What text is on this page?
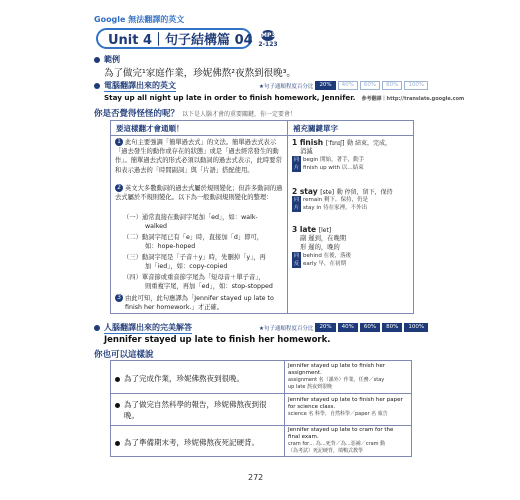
Google 無法翻譯的英文
Unit 4｜句子結構篇 04 MP3
2-123
範例
為了做完¹家庭作業，珍妮佛熬²夜熬到很晚³。
電腦翻譯出來的英文	★句子通順程度百分比	20%	40%	60%	80%	100%
Stay up all night up late in order to finish homework, Jennifer. 參考翻譯｜http://translate.google.com
你是否覺得怪怪的呢？ 以下是人腦才會的重要關鍵，你一定要會！
要這樣翻才會通順！	補充關鍵單字
1 此句主要強調「簡單過去式」的文法。簡單過去式表示「過去發生的動作或存在的狀態」或是「過去經常發生的動作」。簡單過去式的形式必須以動詞的過去式表示，此時要常和表示過去的「時間副詞」與「片語」搭配使用。
2 英文大多數動詞的過去式屬於規則變化；但許多動詞的過去式屬於不規則變化。以下為一般動詞規則變化的整理：
（一）通常直接在動詞字尾加「ed」，如：walk-
walked
（二）動詞字尾已有「e」時，直接加「d」即可，
如：hope-hoped
（三）動詞字尾是「子音＋y」時，先刪掉「y」，再
加「ied」，如：copy-copied
（四）單音節或重音節字尾為「短母音＋單子音」，
則重複字尾，再加「ed」，如：stop-stopped
3 由此可知，此句應譯為「Jennifer stayed up late to
finish her homework.」才正確。
1 finish [ˈfɪnɪʃ] 動 結束，完成，
消滅
同 begin 開始，著手，動手
片 finish up with 以…結束
2 stay [ste] 動 停留，留下，保持
同 remain 剩下，保持，仍是
片 stay in 待在家裡，不外出
3 late [let]
副 遲到，在晚期
形 遲的，晚的
同 behind 在後，落後
反 early 早，在初期
人腦翻譯出來的完美解答	★句子通順程度百分比	20%	40%	60%	80%	100%
Jennifer stayed up late to finish her homework.
你也可以這樣說
為了完成作業，珍妮佛熬夜到很晚。
Jennifer stayed up late to finish her
assignment.
assignment 名（課外）作業，任務／stay
up late 熬夜到很晚
為了做完自然科學的報告，珍妮佛熬夜到很
晚。
Jennifer stayed up late to finish her paper
for science class.
science 名 科學，自然科學／paper 名 報告
為了準備期末考，珍妮佛熬夜死記硬背。
Jennifer stayed up late to cram for the
final exam.
cram for… 為…死背／為…惡補／cram 動
（為考試）死記硬背，填鴨式教學
272
